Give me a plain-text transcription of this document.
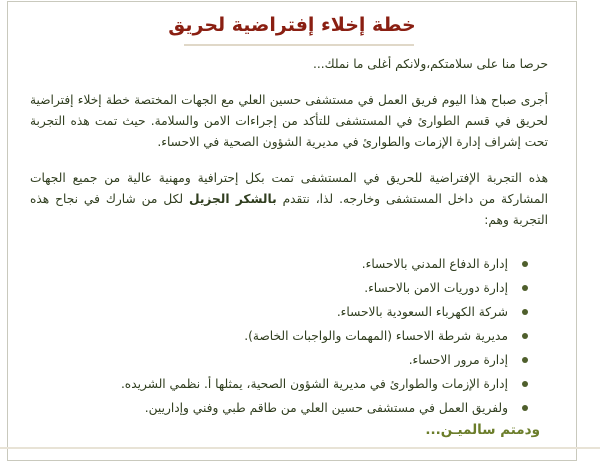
خطة إخلاء إفتراضية لحريق
حرصا منا على سلامتكم،ولانكم أغلى ما نملك...
أجرى صباح هذا اليوم فريق العمل في مستشفى حسين العلي مع الجهات المختصة خطة إخلاء إفتراضية لحريق في قسم الطوارئ في المستشفى للتأكد من إجراءات الامن والسلامة. حيث تمت هذه التجربة تحت إشراف إدارة الإزمات والطوارئ في مديرية الشؤون الصحية في الاحساء.
هذه التجربة الإفتراضية للحريق في المستشفى تمت بكل إحترافية ومهنية عالية من جميع الجهات المشاركة من داخل المستشفى وخارجه. لذا، نتقدم بالشكر الجزيل لكل من شارك في نجاح هذه التجربة وهم:
إدارة الدفاع المدني بالاحساء.
إدارة دوريات الامن بالاحساء.
شركة الكهرباء السعودية بالاحساء.
مديرية شرطة الاحساء (المهمات والواجبات الخاصة).
إدارة مرور الاحساء.
إدارة الإزمات والطوارئ في مديرية الشؤون الصحية، يمثلها أ. نظمي الشريده.
ولفريق العمل في مستشفى حسين العلي من طاقم طبي وفني وإداريين.
ودمتم سالميـن...
